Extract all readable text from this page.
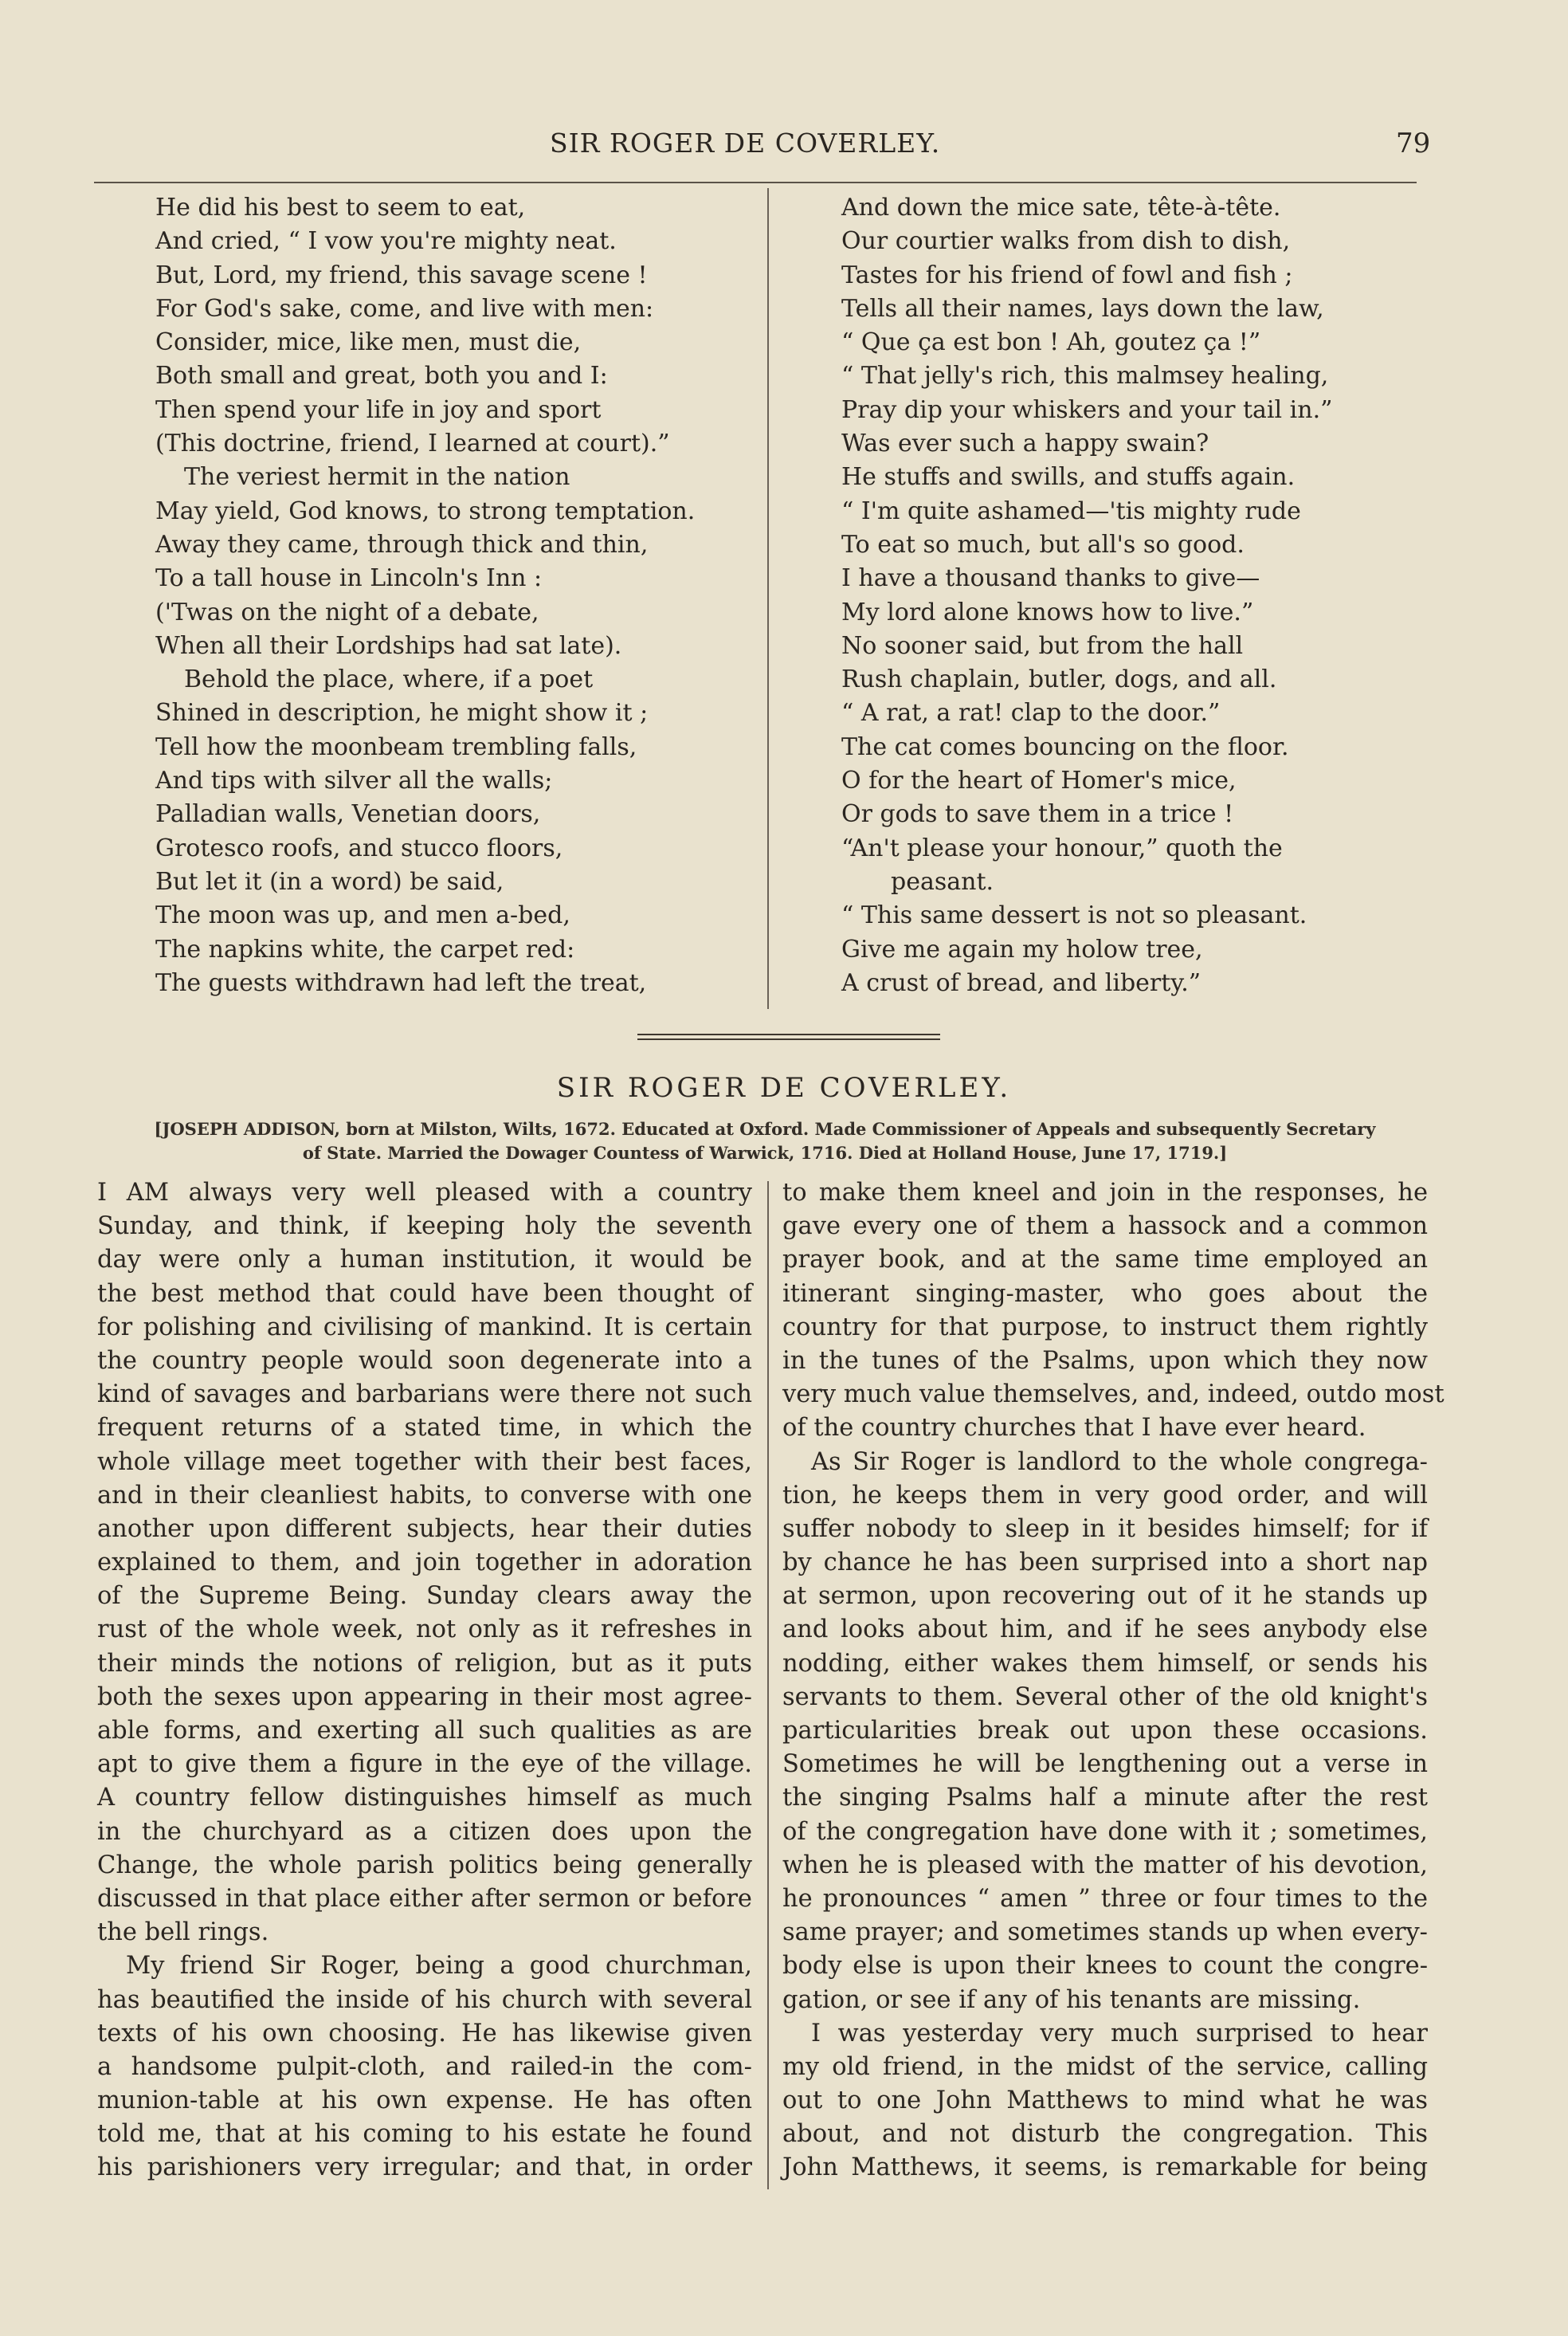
SIR ROGER DE COVERLEY.	79
He did his best to seem to eat,
And cried, “ I vow you're mighty neat.
But, Lord, my friend, this savage scene !
For God's sake, come, and live with men:
Consider, mice, like men, must die,
Both small and great, both you and I:
Then spend your life in joy and sport
(This doctrine, friend, I learned at court).”
The veriest hermit in the nation
May yield, God knows, to strong temptation.
Away they came, through thick and thin,
To a tall house in Lincoln's Inn :
('Twas on the night of a debate,
When all their Lordships had sat late).
Behold the place, where, if a poet
Shined in description, he might show it ;
Tell how the moonbeam trembling falls,
And tips with silver all the walls;
Palladian walls, Venetian doors,
Grotesco roofs, and stucco floors,
But let it (in a word) be said,
The moon was up, and men a-bed,
The napkins white, the carpet red:
The guests withdrawn had left the treat,
And down the mice sate, tête-à-tête.
Our courtier walks from dish to dish,
Tastes for his friend of fowl and fish ;
Tells all their names, lays down the law,
“ Que ça est bon ! Ah, goutez ça !”
“ That jelly's rich, this malmsey healing,
Pray dip your whiskers and your tail in.”
Was ever such a happy swain?
He stuffs and swills, and stuffs again.
“ I'm quite ashamed—'tis mighty rude
To eat so much, but all's so good.
I have a thousand thanks to give—
My lord alone knows how to live.”
No sooner said, but from the hall
Rush chaplain, butler, dogs, and all.
“ A rat, a rat! clap to the door.”
The cat comes bouncing on the floor.
O for the heart of Homer's mice,
Or gods to save them in a trice !
“An't please your honour,” quoth the
peasant.
“ This same dessert is not so pleasant.
Give me again my holow tree,
A crust of bread, and liberty.”
SIR ROGER DE COVERLEY.
[JOSEPH ADDISON, born at Milston, Wilts, 1672. Educated at Oxford. Made Commissioner of Appeals and subsequently Secretary
of State. Married the Dowager Countess of Warwick, 1716. Died at Holland House, June 17, 1719.]
I AM always very well pleased with a country
Sunday, and think, if keeping holy the seventh
day were only a human institution, it would be
the best method that could have been thought of
for polishing and civilising of mankind. It is certain
the country people would soon degenerate into a
kind of savages and barbarians were there not such
frequent returns of a stated time, in which the
whole village meet together with their best faces,
and in their cleanliest habits, to converse with one
another upon different subjects, hear their duties
explained to them, and join together in adoration
of the Supreme Being. Sunday clears away the
rust of the whole week, not only as it refreshes in
their minds the notions of religion, but as it puts
both the sexes upon appearing in their most agree-
able forms, and exerting all such qualities as are
apt to give them a figure in the eye of the village.
A country fellow distinguishes himself as much
in the churchyard as a citizen does upon the
Change, the whole parish politics being generally
discussed in that place either after sermon or before
the bell rings.
My friend Sir Roger, being a good churchman,
has beautified the inside of his church with several
texts of his own choosing. He has likewise given
a handsome pulpit-cloth, and railed-in the com-
munion-table at his own expense. He has often
told me, that at his coming to his estate he found
his parishioners very irregular; and that, in order
to make them kneel and join in the responses, he
gave every one of them a hassock and a common
prayer book, and at the same time employed an
itinerant singing-master, who goes about the
country for that purpose, to instruct them rightly
in the tunes of the Psalms, upon which they now
very much value themselves, and, indeed, outdo most
of the country churches that I have ever heard.
As Sir Roger is landlord to the whole congrega-
tion, he keeps them in very good order, and will
suffer nobody to sleep in it besides himself; for if
by chance he has been surprised into a short nap
at sermon, upon recovering out of it he stands up
and looks about him, and if he sees anybody else
nodding, either wakes them himself, or sends his
servants to them. Several other of the old knight's
particularities break out upon these occasions.
Sometimes he will be lengthening out a verse in
the singing Psalms half a minute after the rest
of the congregation have done with it ; sometimes,
when he is pleased with the matter of his devotion,
he pronounces “ amen ” three or four times to the
same prayer; and sometimes stands up when every-
body else is upon their knees to count the congre-
gation, or see if any of his tenants are missing.
I was yesterday very much surprised to hear
my old friend, in the midst of the service, calling
out to one John Matthews to mind what he was
about, and not disturb the congregation. This
John Matthews, it seems, is remarkable for being
